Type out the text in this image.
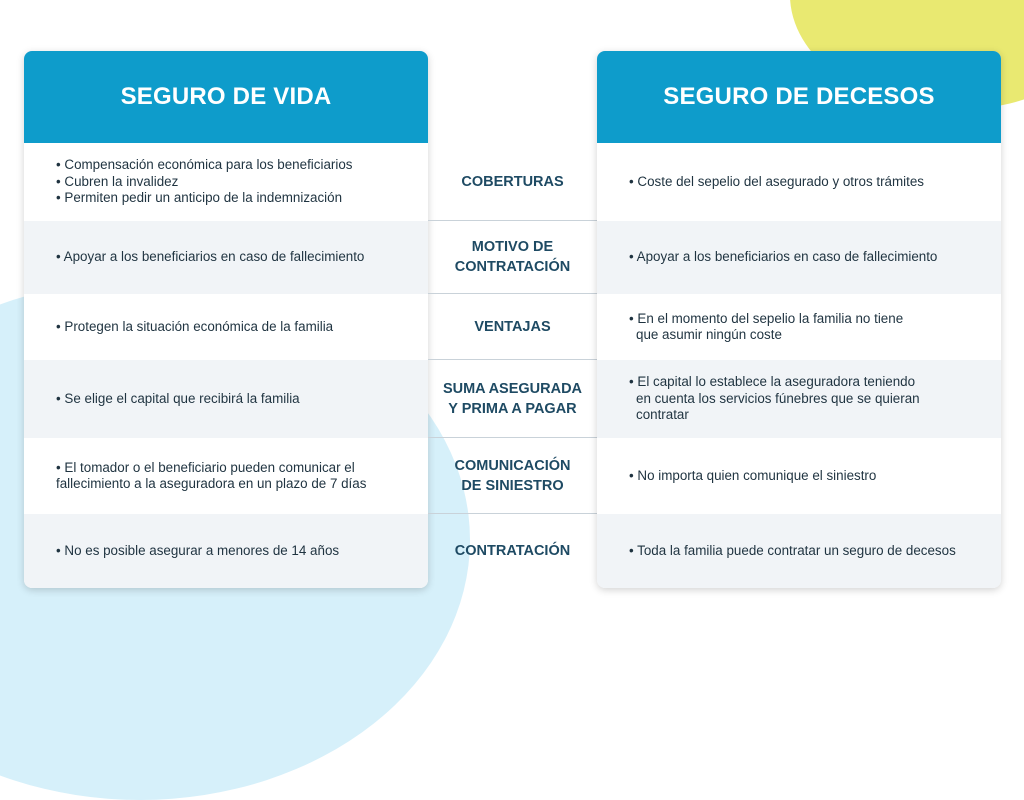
SEGURO DE VIDA
• Compensación económica para los beneficiarios
• Cubren la invalidez
• Permiten pedir un anticipo de la indemnización
• Apoyar a los beneficiarios en caso de fallecimiento
• Protegen la situación económica de la familia
• Se elige el capital que recibirá la familia
• El tomador o el beneficiario pueden comunicar el
fallecimiento a la aseguradora en un plazo de 7 días
• No es posible asegurar a menores de 14 años
COBERTURAS
MOTIVO DE
CONTRATACIÓN
VENTAJAS
SUMA ASEGURADA
Y PRIMA A PAGAR
COMUNICACIÓN
DE SINIESTRO
CONTRATACIÓN
SEGURO DE DECESOS
• Coste del sepelio del asegurado y otros trámites
• Apoyar a los beneficiarios en caso de fallecimiento
• En el momento del sepelio la familia no tiene
que asumir ningún coste
• El capital lo establece la aseguradora teniendo
en cuenta los servicios fúnebres que se quieran
contratar
• No importa quien comunique el siniestro
• Toda la familia puede contratar un seguro de decesos
